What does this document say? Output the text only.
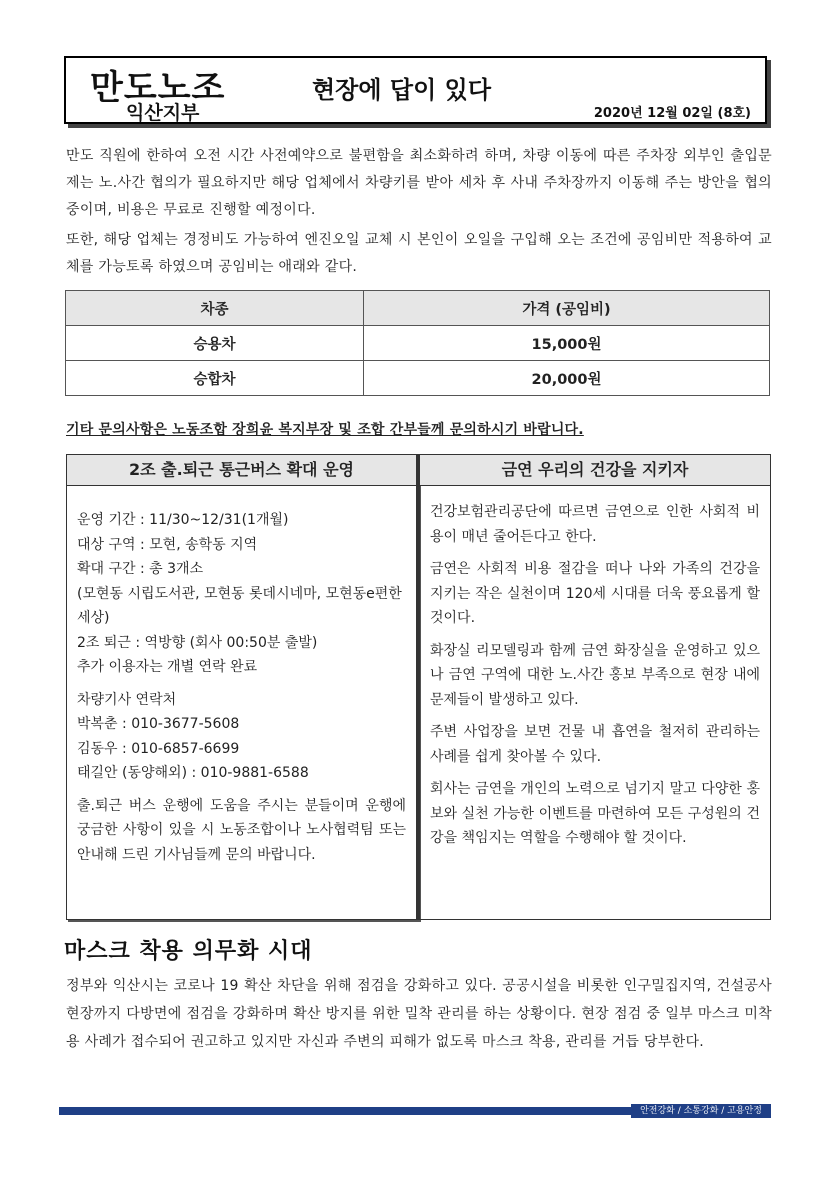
만도노조
익산지부
현장에 답이 있다
2020년 12월 02일 (8호)

만도 직원에 한하여 오전 시간 사전예약으로 불편함을 최소화하려 하며, 차량 이동에 따른 주차장 외부인 출입문제는 노.사간 협의가 필요하지만 해당 업체에서 차량키를 받아 세차 후 사내 주차장까지 이동해 주는 방안을 협의 중이며, 비용은 무료로 진행할 예정이다.

또한, 해당 업체는 경정비도 가능하여 엔진오일 교체 시 본인이 오일을 구입해 오는 조건에 공임비만 적용하여 교체를 가능토록 하였으며 공임비는 애래와 같다.

차종	가격 (공임비)
승용차	15,000원
승합차	20,000원
기타 문의사항은 노동조합 장희윤 복지부장 및 조합 간부들께 문의하시기 바랍니다.
2조 출.퇴근 통근버스 확대 운영

운영 기간 : 11/30~12/31(1개월)

대상 구역 : 모현, 송학동 지역

확대 구간 : 총 3개소

(모현동 시립도서관, 모현동 롯데시네마, 모현동e편한세상)

2조 퇴근 : 역방향 (회사 00:50분 출발)

추가 이용자는 개별 연락 완료

차량기사 연락처

박복춘 : 010-3677-5608

김동우 : 010-6857-6699

태길안 (동양해외) : 010-9881-6588

출.퇴근 버스 운행에 도움을 주시는 분들이며 운행에 궁금한 사항이 있을 시 노동조합이나 노사협력팀 또는 안내해 드린 기사님들께 문의 바랍니다.

금연 우리의 건강을 지키자

건강보험관리공단에 따르면 금연으로 인한 사회적 비용이 매년 줄어든다고 한다.

금연은 사회적 비용 절감을 떠나 나와 가족의 건강을 지키는 작은 실천이며 120세 시대를 더욱 풍요롭게 할 것이다.

화장실 리모델링과 함께 금연 화장실을 운영하고 있으나 금연 구역에 대한 노.사간 홍보 부족으로 현장 내에 문제들이 발생하고 있다.

주변 사업장을 보면 건물 내 흡연을 철저히 관리하는 사례를 쉽게 찾아볼 수 있다.

회사는 금연을 개인의 노력으로 넘기지 말고 다양한 홍보와 실천 가능한 이벤트를 마련하여 모든 구성원의 건강을 책임지는 역할을 수행해야 할 것이다.

마스크 착용 의무화 시대

정부와 익산시는 코로나 19 확산 차단을 위해 점검을 강화하고 있다. 공공시설을 비롯한 인구밀집지역, 건설공사 현장까지 다방면에 점검을 강화하며 확산 방지를 위한 밀착 관리를 하는 상황이다. 현장 점검 중 일부 마스크 미착용 사례가 접수되어 권고하고 있지만 자신과 주변의 피해가 없도록 마스크 착용, 관리를 거듭 당부한다.

안전강화 / 소통강화 / 고용안정
